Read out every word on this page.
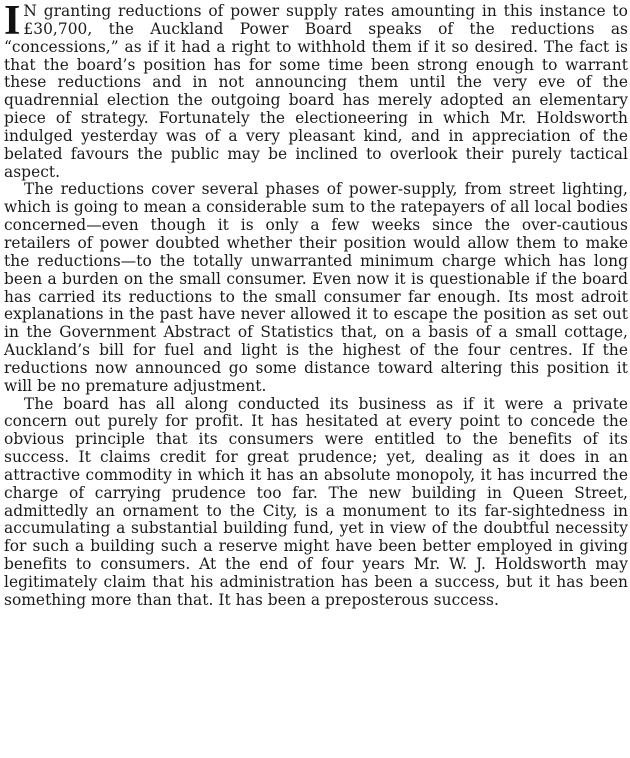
I N granting reductions of power supply rates amounting in this instance to £30,700, the Auckland Power Board speaks of the reductions as “concessions,” as if it had a right to withhold them if it so desired. The fact is that the board’s position has for some time been strong enough to warrant these reductions and in not announcing them until the very eve of the quadrennial election the outgoing board has merely adopted an elementary piece of strategy. Fortunately the electioneering in which Mr. Holdsworth indulged yesterday was of a very pleasant kind, and in appreciation of the belated favours the public may be inclined to overlook their purely tactical aspect.

The reductions cover several phases of power-supply, from street lighting, which is going to mean a considerable sum to the ratepayers of all local bodies concerned—even though it is only a few weeks since the over-cautious retailers of power doubted whether their position would allow them to make the reductions—to the totally unwarranted minimum charge which has long been a burden on the small consumer. Even now it is questionable if the board has carried its reductions to the small consumer far enough. Its most adroit explanations in the past have never allowed it to escape the position as set out in the Government Abstract of Statistics that, on a basis of a small cottage, Auckland’s bill for fuel and light is the highest of the four centres. If the reductions now announced go some distance toward altering this position it will be no premature adjustment.

The board has all along conducted its business as if it were a private concern out purely for profit. It has hesitated at every point to concede the obvious principle that its consumers were entitled to the benefits of its success. It claims credit for great prudence; yet, dealing as it does in an attractive commodity in which it has an absolute monopoly, it has incurred the charge of carrying prudence too far. The new building in Queen Street, admittedly an ornament to the City, is a monument to its far-sightedness in accumulating a substantial building fund, yet in view of the doubtful necessity for such a building such a reserve might have been better employed in giving benefits to consumers. At the end of four years Mr. W. J. Holdsworth may legitimately claim that his administration has been a success, but it has been something more than that. It has been a preposterous success.
